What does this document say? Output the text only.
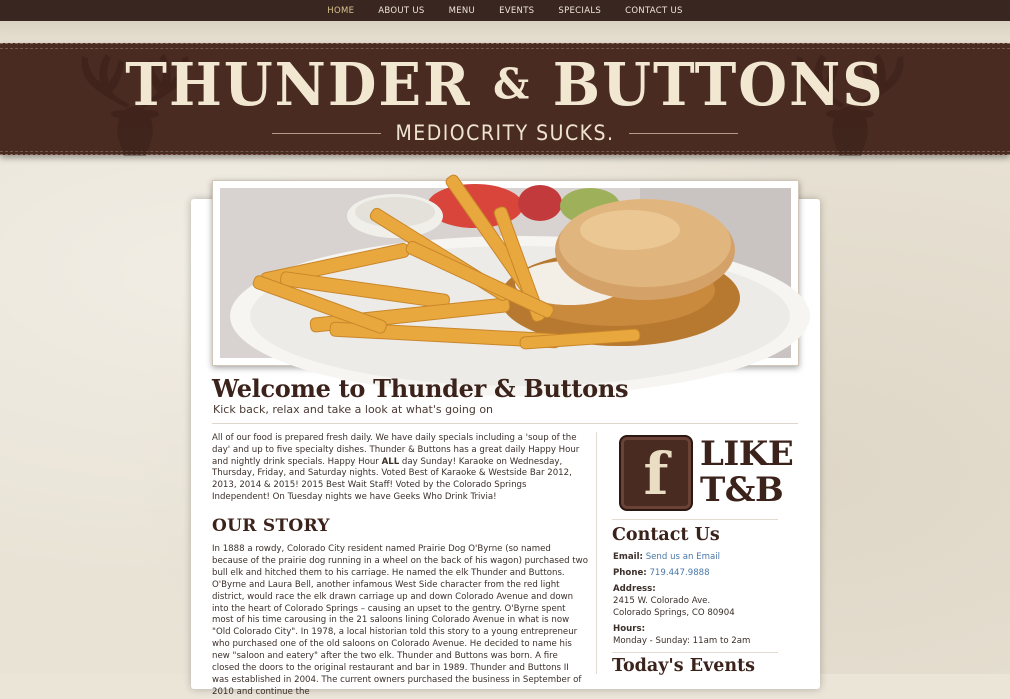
HOME	ABOUT US	MENU	EVENTS	SPECIALS	CONTACT US
THUNDER & BUTTONS
MEDIOCRITY SUCKS.
Welcome to Thunder & Buttons
Kick back, relax and take a look at what's going on

All of our food is prepared fresh daily. We have daily specials including a 'soup of the day' and up to five specialty dishes. Thunder & Buttons has a great daily Happy Hour and nightly drink specials. Happy Hour ALL day Sunday! Karaoke on Wednesday, Thursday, Friday, and Saturday nights. Voted Best of Karaoke & Westside Bar 2012, 2013, 2014 & 2015! 2015 Best Wait Staff! Voted by the Colorado Springs Independent! On Tuesday nights we have Geeks Who Drink Trivia!

OUR STORY

In 1888 a rowdy, Colorado City resident named Prairie Dog O'Byrne (so named because of the prairie dog running in a wheel on the back of his wagon) purchased two bull elk and hitched them to his carriage. He named the elk Thunder and Buttons. O'Byrne and Laura Bell, another infamous West Side character from the red light district, would race the elk drawn carriage up and down Colorado Avenue and down into the heart of Colorado Springs – causing an upset to the gentry. O'Byrne spent most of his time carousing in the 21 saloons lining Colorado Avenue in what is now "Old Colorado City". In 1978, a local historian told this story to a young entrepreneur who purchased one of the old saloons on Colorado Avenue. He decided to name his new "saloon and eatery" after the two elk. Thunder and Buttons was born. A fire closed the doors to the original restaurant and bar in 1989. Thunder and Buttons II was established in 2004. The current owners purchased the business in September of 2010 and continue the

f LIKE
T&B
Contact Us
Email: Send us an Email
Phone: 719.447.9888
Address:
2415 W. Colorado Ave.
Colorado Springs, CO 80904
Hours:
Monday - Sunday: 11am to 2am
Today's Events
